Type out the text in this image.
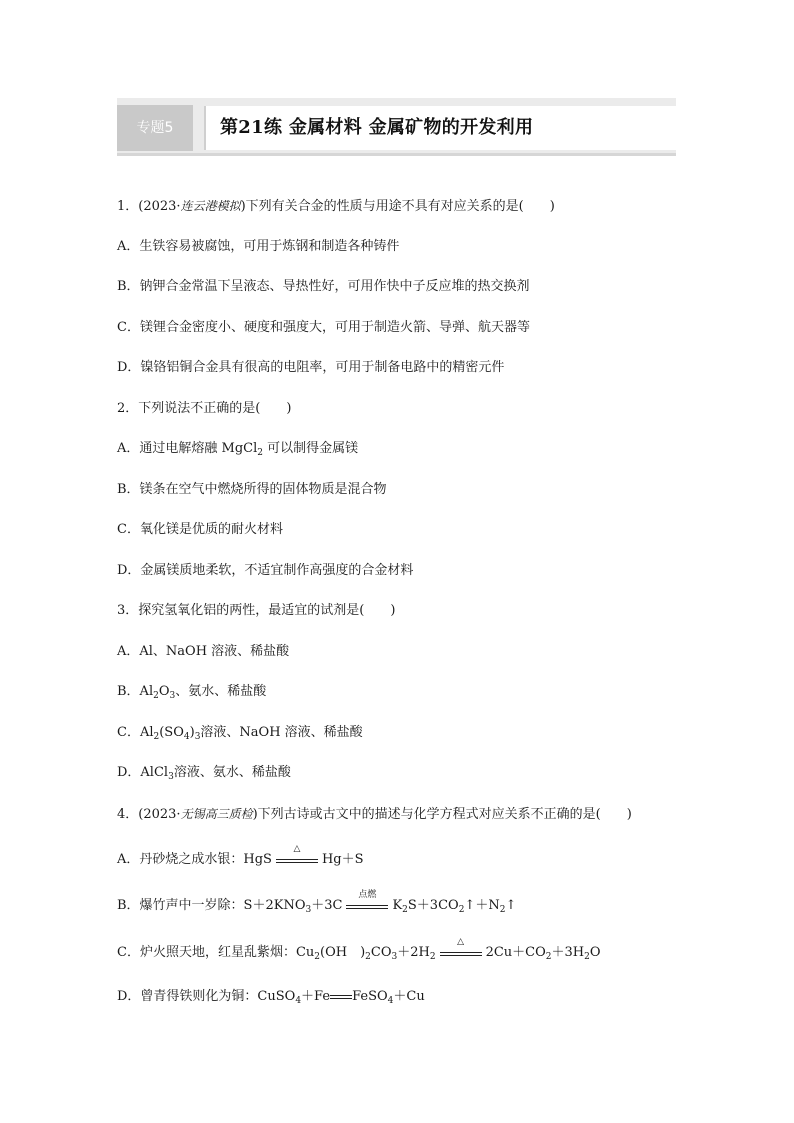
专题5	第21练 金属材料 金属矿物的开发利用
1．(2023·连云港模拟)下列有关合金的性质与用途不具有对应关系的是(　　)
A．生铁容易被腐蚀，可用于炼钢和制造各种铸件
B．钠钾合金常温下呈液态、导热性好，可用作快中子反应堆的热交换剂
C．镁锂合金密度小、硬度和强度大，可用于制造火箭、导弹、航天器等
D．镍铬铝铜合金具有很高的电阻率，可用于制备电路中的精密元件
2．下列说法不正确的是(　　)
A．通过电解熔融 MgCl$_2$ 可以制得金属镁
B．镁条在空气中燃烧所得的固体物质是混合物
C．氧化镁是优质的耐火材料
D．金属镁质地柔软，不适宜制作高强度的合金材料
3．探究氢氧化铝的两性，最适宜的试剂是(　　)
A．Al、NaOH 溶液、稀盐酸
B．$Al_2O_3$、氨水、稀盐酸
C．$Al_2(SO_4)_3$溶液、NaOH 溶液、稀盐酸
D．AlCl$_3$溶液、氨水、稀盐酸
4．(2023·无锡高三质检)下列古诗或古文中的描述与化学方程式对应关系不正确的是(　　)
A．丹砂烧之成水银：HgS
△
Hg＋S
B．爆竹声中一岁除：$S+2KNO_3+3C$
点燃
$K_2S+3CO_2↑+N_2↑$
C．炉火照天地，红星乱紫烟：$Cu_2(OH$　)$_2CO_3+2H_2$
△
$2Cu+CO_2+3H_2O$
D．曾青得铁则化为铜：CuSO$_4$＋Fe FeSO$_4$＋Cu
